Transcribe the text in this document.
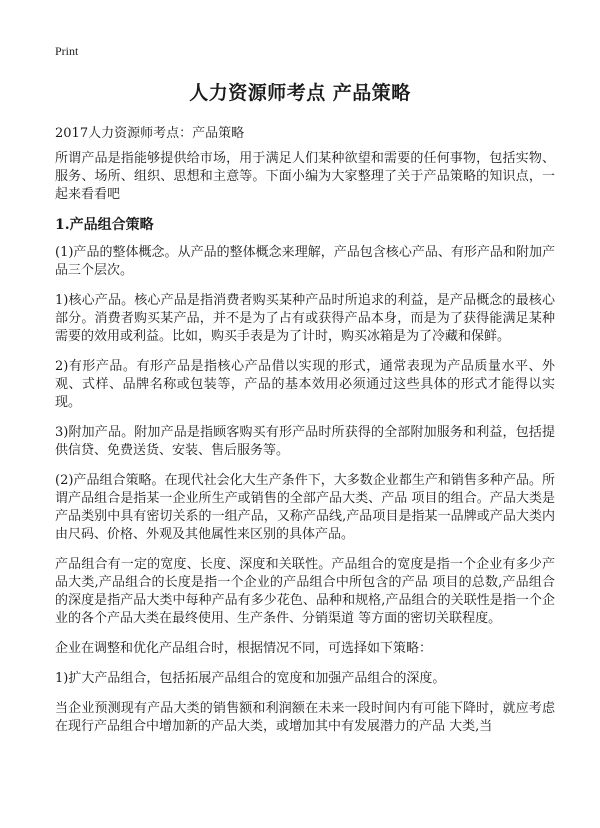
Print
人力资源师考点 产品策略

2017人力资源师考点：产品策略

所谓产品是指能够提供给市场，用于满足人们某种欲望和需要的任何事物，包括实物、服务、场所、组织、思想和主意等。下面小编为大家整理了关于产品策略的知识点，一起来看看吧

1.产品组合策略

(1)产品的整体概念。从产品的整体概念来理解，产品包含核心产品、有形产品和附加产品三个层次。

1)核心产品。核心产品是指消费者购买某种产品时所追求的利益，是产品概念的最核心部分。消费者购买某产品，并不是为了占有或获得产品本身，而是为了获得能满足某种需要的效用或利益。比如，购买手表是为了计时，购买冰箱是为了冷藏和保鲜。

2)有形产品。有形产品是指核心产品借以实现的形式，通常表现为产品质量水平、外观、式样、品牌名称或包装等，产品的基本效用必须通过这些具体的形式才能得以实现。

3)附加产品。附加产品是指顾客购买有形产品时所获得的全部附加服务和利益，包括提供信贷、免费送货、安装、售后服务等。

(2)产品组合策略。在现代社会化大生产条件下，大多数企业都生产和销售多种产品。所谓产品组合是指某一企业所生产或销售的全部产品大类、产品 项目的组合。产品大类是产品类别中具有密切关系的一组产品，又称产品线,产品项目是指某一品牌或产品大类内由尺码、价格、外观及其他属性来区别的具体产品。

产品组合有一定的宽度、长度、深度和关联性。产品组合的宽度是指一个企业有多少产品大类,产品组合的长度是指一个企业的产品组合中所包含的产品 项目的总数,产品组合的深度是指产品大类中每种产品有多少花色、品种和规格,产品组合的关联性是指一个企业的各个产品大类在最终使用、生产条件、分销渠道 等方面的密切关联程度。

企业在调整和优化产品组合时，根据情况不同，可选择如下策略：

1)扩大产品组合，包括拓展产品组合的宽度和加强产品组合的深度。

当企业预测现有产品大类的销售额和利润额在未来一段时间内有可能下降时，就应考虑在现行产品组合中增加新的产品大类，或增加其中有发展潜力的产品 大类,当
